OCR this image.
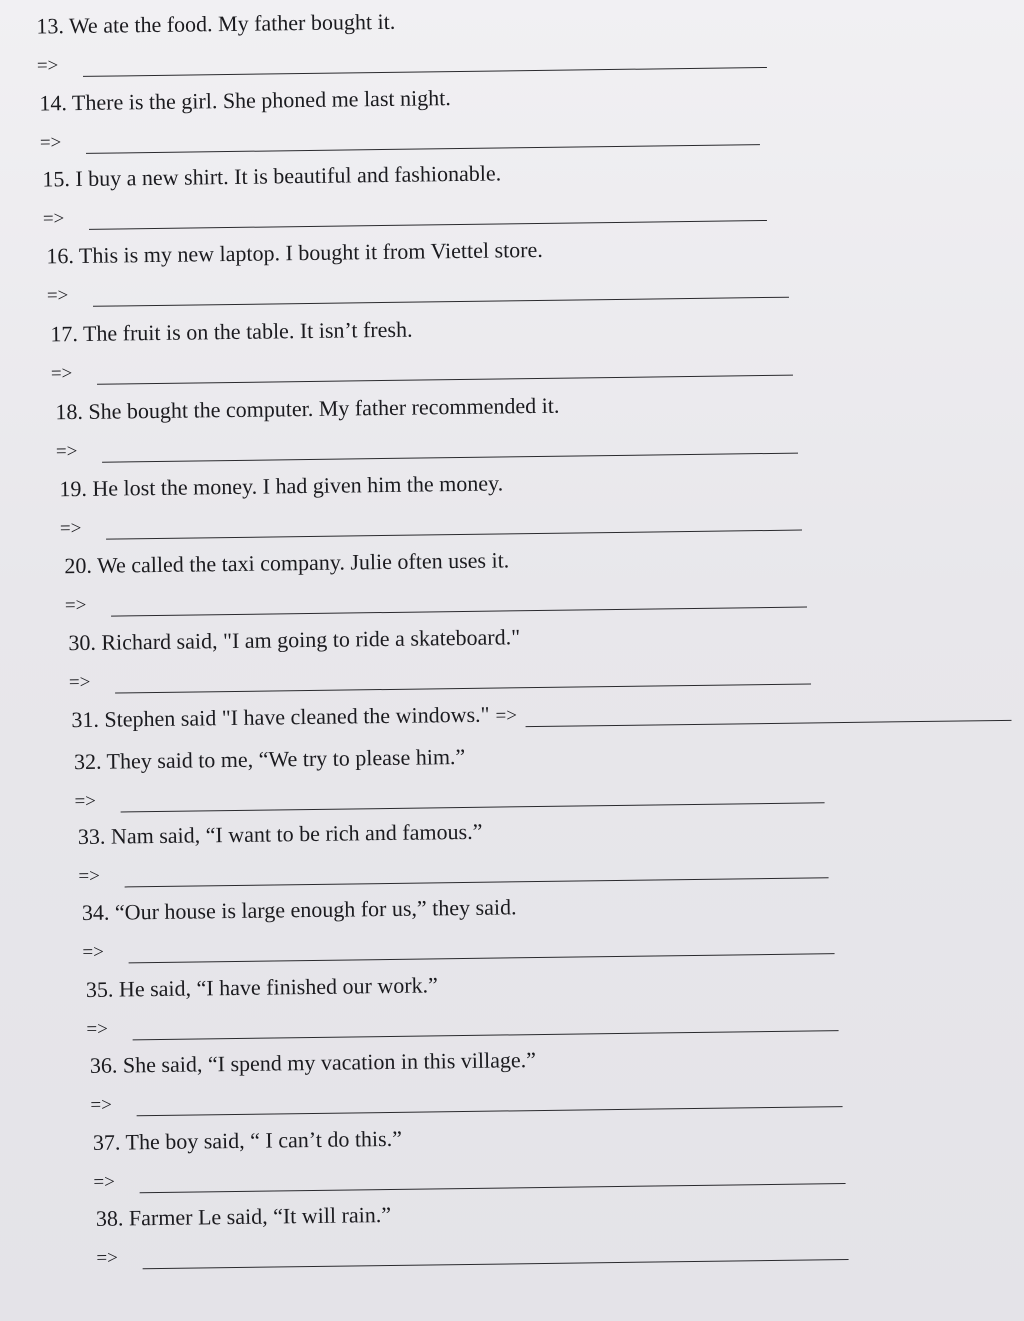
13. We ate the food. My father bought it.
=>
14. There is the girl. She phoned me last night.
=>
15. I buy a new shirt. It is beautiful and fashionable.
=>
16. This is my new laptop. I bought it from Viettel store.
=>
17. The fruit is on the table. It isn’t fresh.
=>
18. She bought the computer. My father recommended it.
=>
19. He lost the money. I had given him the money.
=>
20. We called the taxi company. Julie often uses it.
=>
30. Richard said, "I am going to ride a skateboard."
=>
31. Stephen said "I have cleaned the windows." =>
32. They said to me, “We try to please him.”
=>
33. Nam said, “I want to be rich and famous.”
=>
34. “Our house is large enough for us,” they said.
=>
35. He said, “I have finished our work.”
=>
36. She said, “I spend my vacation in this village.”
=>
37. The boy said, “ I can’t do this.”
=>
38. Farmer Le said, “It will rain.”
=>
